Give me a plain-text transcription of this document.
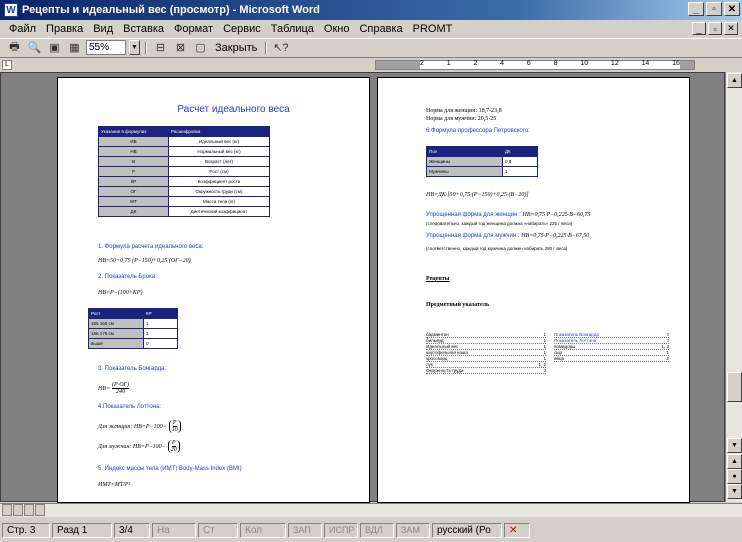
W Рецепты и идеальный вес (просмотр) - Microsoft Word	_	▫	✕
Файл Правка Вид Вставка Формат Сервис Таблица Окно Справка PROMT	_	▫	✕
🖶 🔍 ▣ ▦ 55%	▼	⊟ ⊠ ▢ Закрыть ↖?
L	2	1	2	4	6	8	10	12	14	16
Расчет идеального веса
Указание в формулах	Расшифровка
ИВ	Идеальный вес (кг)
НВ	Нормальный вес (кг)
В	Возраст (лет)
Р	Рост (см)
КР	Коэффициент роста
ОГ	Окружность груди (см)
МТ	Масса тела (кг)
ДК	Диетический коэффициент
1. Формула расчета идеального веса:
НВ=50+0,75 (Р−150)+0,25 (ОГ−20)
2. Показатель Брока:
НВ=Р−(100+КР)
Рост	КР
165 166 см	1
166 175 см	3
выше	0
3. Показатель Бонгарда:
НВ=
(Р·ОГ)
240
4.Показатель Лоттона:
Для женщин: НВ=Р−100−
Р
10
Для мужчин: НВ=Р−100−
Р
20
5. Индекс массы тела (ИМТ) Body-Mass Index (BMI)
ИМТ=МТ/Р²
Норма для женщин: 18,7-23,8
Норма для мужчин: 20,5-25
6.Формула профессора Петровского:
Пол	ДК
Женщины	0,9
Мужчины	1
НВ=ДК·[50+0,75·(Р−150)+0,25·(В−20)]
Упрощенная форма для женщин : НВ=0,75·Р−0,225·В−60,75
(следовательно, каждый год женщина должна «набирать» 225 г веса)
Упрощенная форма для мужчин : НВ=0,75·Р−0,225·В−67,50
(соответственно, каждый год мужчина должен набирать 280 г веса)
Рецепты
Предметный указатель
бадминтон	1
бильярд	1
Идеальный вес	1
картофельная каша	1
кроссворд	1
лук	1, 2
Окружность груди	3
Показатель Бонгарда	3
Показатель Лоттона	3
помидоры	1, 2
сыр	1
яйца	2
▲
▼
▲
●
▼
Стр. 3	Разд 1	3/4	На	Ст	Кол	ЗАП	ИСПР	ВДЛ	ЗАМ	русский (Ро	✕
